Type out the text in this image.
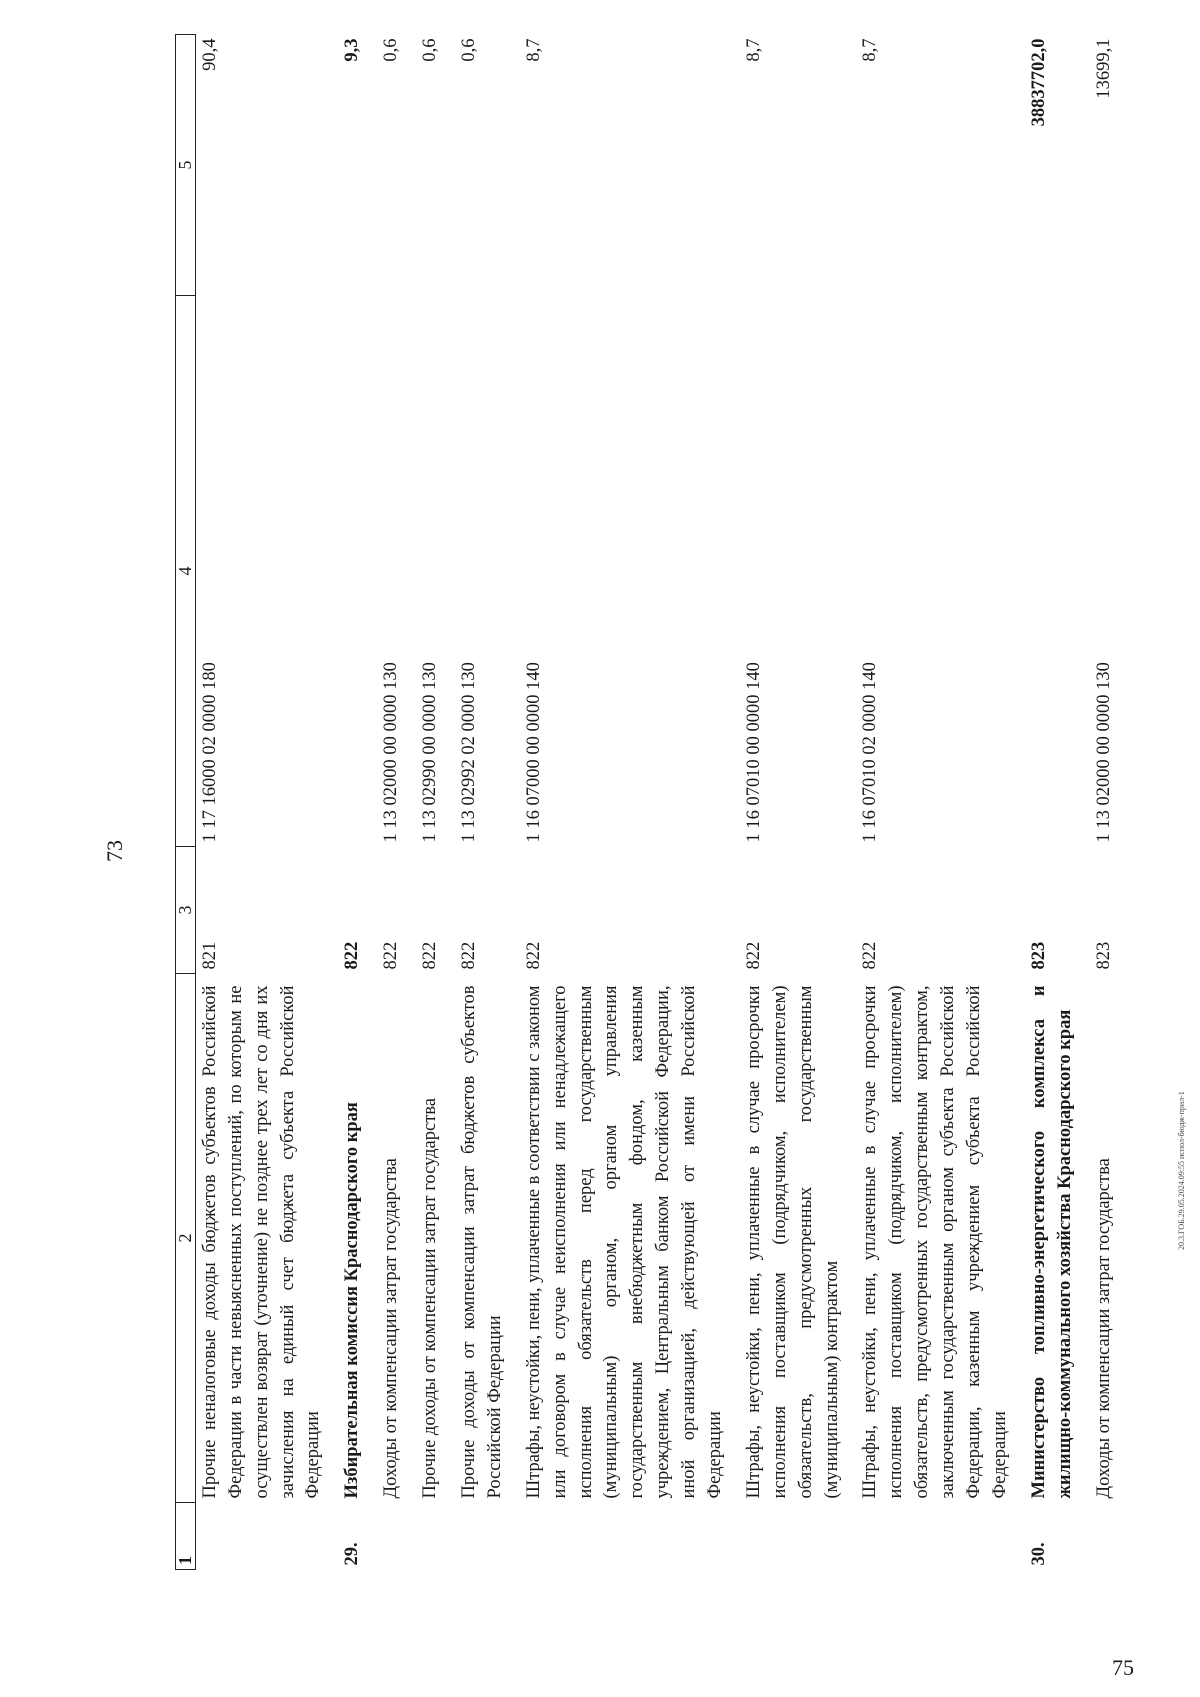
73
1	2	3	4	5
	Прочие неналоговые доходы бюджетов субъектов Российской Федерации в части невыясненных поступлений, по которым не осуществлен возврат (уточнение) не позднее трех лет со дня их зачисления на единый счет бюджета субъекта Российской Федерации	821	1 17 16000 02 0000 180	90,4
29.	Избирательная комиссия Краснодарского края	822		9,3
	Доходы от компенсации затрат государства	822	1 13 02000 00 0000 130	0,6
	Прочие доходы от компенсации затрат государства	822	1 13 02990 00 0000 130	0,6
	Прочие доходы от компенсации затрат бюджетов субъектов Российской Федерации	822	1 13 02992 02 0000 130	0,6
	Штрафы, неустойки, пени, уплаченные в соответствии с законом или договором в случае неисполнения или ненадлежащего исполнения обязательств перед государственным (муниципальным) органом, органом управления государственным внебюджетным фондом, казенным учреждением, Центральным банком Российской Федерации, иной организацией, действующей от имени Российской Федерации	822	1 16 07000 00 0000 140	8,7
	Штрафы, неустойки, пени, уплаченные в случае просрочки исполнения поставщиком (подрядчиком, исполнителем) обязательств, предусмотренных государственным (муниципальным) контрактом	822	1 16 07010 00 0000 140	8,7
	Штрафы, неустойки, пени, уплаченные в случае просрочки исполнения поставщиком (подрядчиком, исполнителем) обязательств, предусмотренных государственным контрактом, заключенным государственным органом субъекта Российской Федерации, казенным учреждением субъекта Российской Федерации	822	1 16 07010 02 0000 140	8,7
30.	Министерство топливно-энергетического комплекса и жилищно-коммунального хозяйства Краснодарского края	823		38837702,0
	Доходы от компенсации затрат государства	823	1 13 02000 00 0000 130	13699,1
75
20.3.ГОБ.29.05.2024.09:55 испол-бюдж-прил-1
